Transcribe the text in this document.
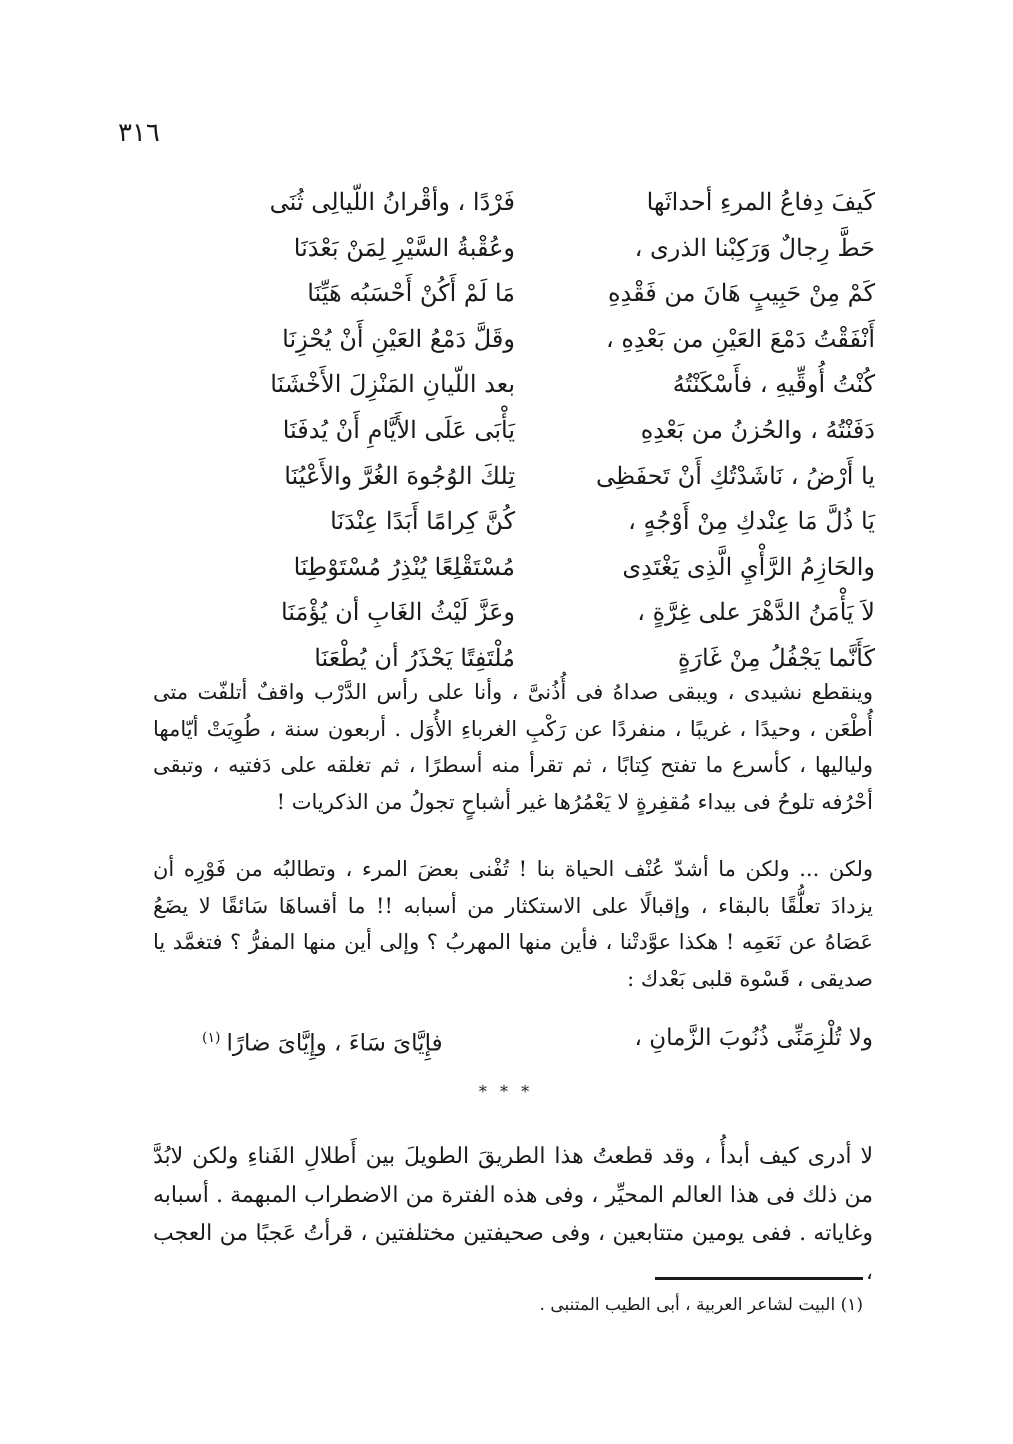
٣١٦
كَيفَ دِفاعُ المرءِ أحداثَها
فَرْدًا ، وأقْرانُ اللّيالِى ثُنَى
حَطَّ رِجالٌ وَرَكِبْنا الذرى ،
وعُقْبةُ السَّيْرِ لِمَنْ بَعْدَنَا
كَمْ مِنْ حَبِيبٍ هَانَ من فَقْدِهِ
مَا لَمْ أَكُنْ أَحْسَبُه هَيِّنَا
أَنْفَقْتُ دَمْعَ العَيْنِ من بَعْدِهِ ،
وقَلَّ دَمْعُ العَيْنِ أَنْ يُحْزِنَا
كُنْتُ أُوقِّيهِ ، فأَسْكَنْتُهُ
بعد اللّيانِ المَنْزِلَ الأَخْشَنَا
دَفَنْتُهُ ، والحُزنُ من بَعْدِهِ
يَأْبَى عَلَى الأَيَّامِ أَنْ يُدفَنَا
يا أَرْضُ ، نَاشَدْتُكِ أَنْ تَحفَظِى
تِلكَ الوُجُوهَ الغُرَّ والأَعْيُنَا
يَا ذُلَّ مَا عِنْدكِ مِنْ أَوْجُهٍ ،
كُنَّ كِرامًا أَبَدًا عِنْدَنَا
والحَازِمُ الرَّأْيِ الَّذِى يَغْتَدِى
مُسْتَقْلِعًا يُنْذِرُ مُسْتَوْطِنَا
لاَ يَأْمَنُ الدَّهْرَ على غِرَّةٍ ،
وعَزَّ لَيْثُ الغَابِ أن يُؤْمَنَا
كَأَنَّما يَجْفُلُ مِنْ غَارَةٍ
مُلْتَفِتًا يَحْذَرُ أن يُطْعَنَا
وينقطع نشيدى ، ويبقى صداهُ فى أُذُنىَّ ، وأنا على رأس الدَّرْب واقفٌ أتلفّت متى أُطْعَن ، وحيدًا ، غريبًا ، منفردًا عن رَكْبِ الغرباءِ الأُوَل . أربعون سنة ، طُوِيَتْ أيّامها ولياليها ، كأسرع ما تفتح كِتابًا ، ثم تقرأ منه أسطرًا ، ثم تغلقه على دَفتيه ، وتبقى أحْرُفه تلوحُ فى بيداء مُقفِرةٍ لا يَعْمُرُها غير أشباحٍ تجولُ من الذكريات !
ولكن ... ولكن ما أشدّ عُنْف الحياة بنا ! تُفْنى بعضَ المرء ، وتطالبُه من فَوْرِه أن يزدادَ تعلُّقًا بالبقاء ، وإقبالًا على الاستكثار من أسبابه !! ما أقساهَا سَائقًا لا يضَعُ عَصَاهُ عن نَعَمِه ! هكذا عوَّدتْنا ، فأين منها المهربُ ؟ وإلى أين منها المفرُّ ؟ فتغمَّد يا صديقى ، قَسْوة قلبى بَعْدك :
ولا تُلْزِمَنِّى ذُنُوبَ الزَّمانِ ،
فإِيَّاىَ سَاءَ ، وإِيَّاىَ ضارًا$^{(١)}$
* * *
لا أدرى كيف أبدأُ ، وقد قطعتُ هذا الطريقَ الطويلَ بين أَطلالِ الفَناءِ ولكن لابُدَّ من ذلك فى هذا العالم المحيِّر ، وفى هذه الفترة من الاضطراب المبهمة . أسبابه وغاياته . ففى يومين متتابعين ، وفى صحيفتين مختلفتين ، قرأتُ عَجبًا من العجب ،
(١) البيت لشاعر العربية ، أبى الطيب المتنبى .
